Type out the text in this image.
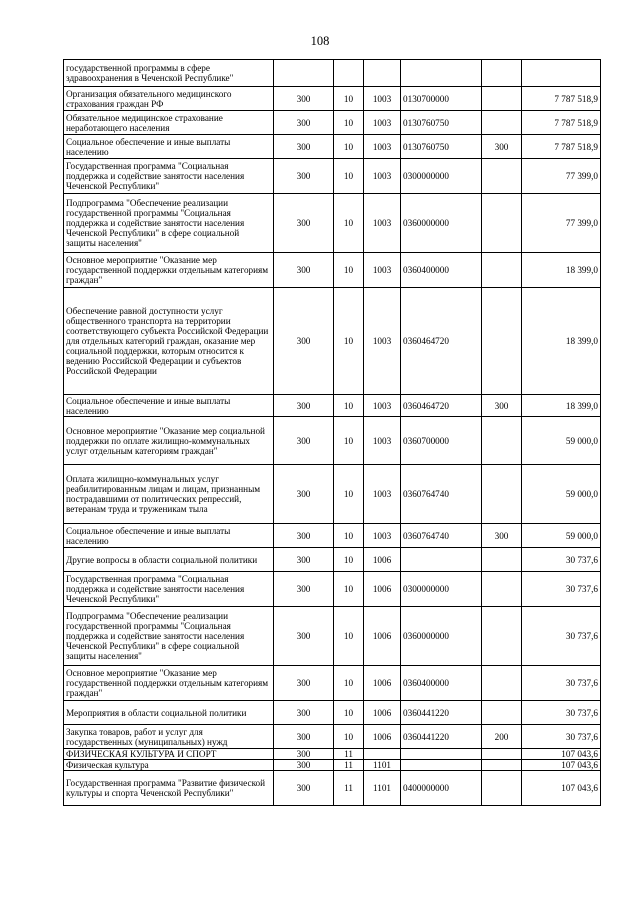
108
государственной программы в сфере здравоохранения в Чеченской Республике"						
Организация обязательного медицинского страхования граждан РФ	300	10	1003	0130700000		7 787 518,9
Обязательное медицинское страхование неработающего населения	300	10	1003	0130760750		7 787 518,9
Социальное обеспечение и иные выплаты населению	300	10	1003	0130760750	300	7 787 518,9
Государственная программа "Социальная поддержка и содействие занятости населения Чеченской Республики"	300	10	1003	0300000000		77 399,0
Подпрограмма "Обеспечение реализации государственной программы "Социальная поддержка и содействие занятости населения Чеченской Республики" в сфере социальной защиты населения"	300	10	1003	0360000000		77 399,0
Основное мероприятие "Оказание мер государственной поддержки отдельным категориям граждан"	300	10	1003	0360400000		18 399,0
Обеспечение равной доступности услуг общественного транспорта на территории соответствующего субъекта Российской Федерации для отдельных категорий граждан, оказание мер социальной поддержки, которым относится к ведению Российской Федерации и субъектов Российской Федерации	300	10	1003	0360464720		18 399,0
Социальное обеспечение и иные выплаты населению	300	10	1003	0360464720	300	18 399,0
Основное мероприятие "Оказание мер социальной поддержки по оплате жилищно-коммунальных услуг отдельным категориям граждан"	300	10	1003	0360700000		59 000,0
Оплата жилищно-коммунальных услуг реабилитированным лицам и лицам, признанным пострадавшими от политических репрессий, ветеранам труда и труженикам тыла	300	10	1003	0360764740		59 000,0
Социальное обеспечение и иные выплаты населению	300	10	1003	0360764740	300	59 000,0
Другие вопросы в области социальной политики	300	10	1006			30 737,6
Государственная программа "Социальная поддержка и содействие занятости населения Чеченской Республики"	300	10	1006	0300000000		30 737,6
Подпрограмма "Обеспечение реализации государственной программы "Социальная поддержка и содействие занятости населения Чеченской Республики" в сфере социальной защиты населения"	300	10	1006	0360000000		30 737,6
Основное мероприятие "Оказание мер государственной поддержки отдельным категориям граждан"	300	10	1006	0360400000		30 737,6
Мероприятия в области социальной политики	300	10	1006	0360441220		30 737,6
Закупка товаров, работ и услуг для государственных (муниципальных) нужд	300	10	1006	0360441220	200	30 737,6
ФИЗИЧЕСКАЯ КУЛЬТУРА И СПОРТ	300	11				107 043,6
Физическая культура	300	11	1101			107 043,6
Государственная программа "Развитие физической культуры и спорта Чеченской Республики"	300	11	1101	0400000000		107 043,6
